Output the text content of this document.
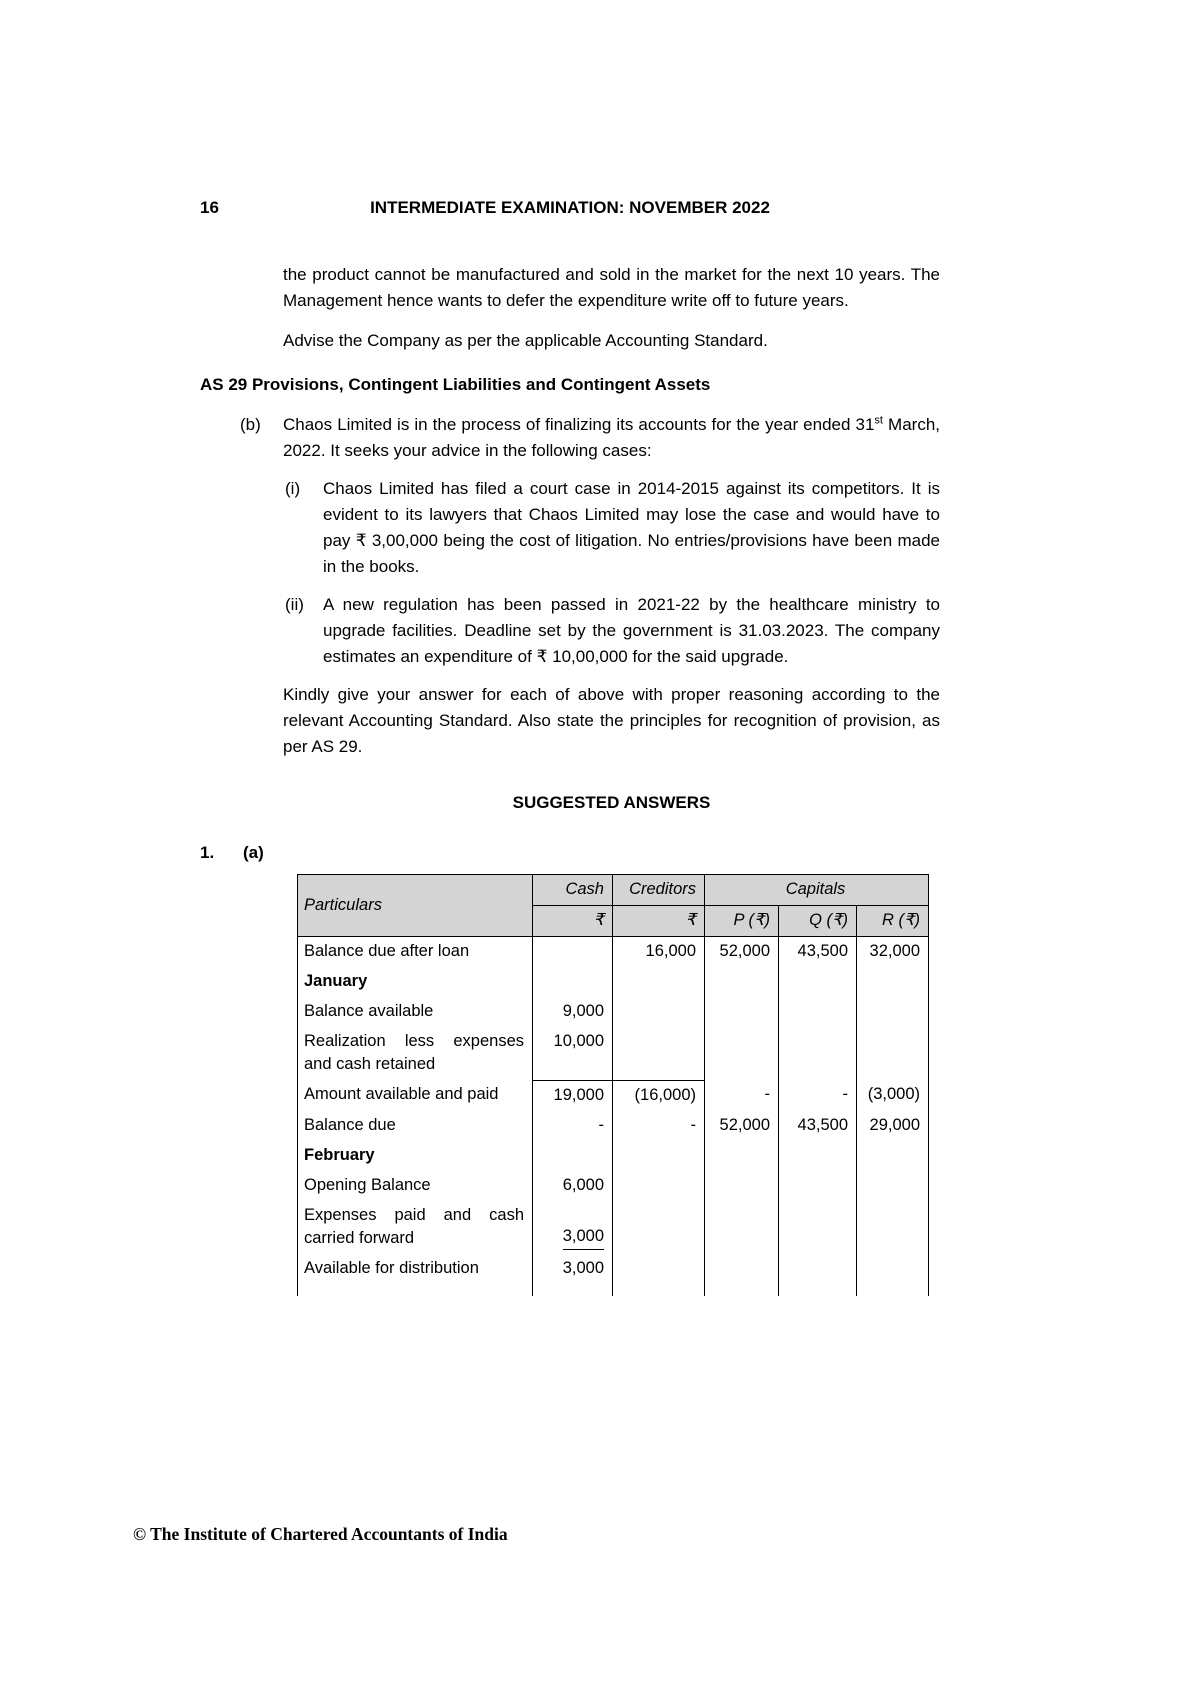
16	INTERMEDIATE EXAMINATION: NOVEMBER 2022

the product cannot be manufactured and sold in the market for the next 10 years. The Management hence wants to defer the expenditure write off to future years.

Advise the Company as per the applicable Accounting Standard.

AS 29 Provisions, Contingent Liabilities and Contingent Assets
(b)	Chaos Limited is in the process of finalizing its accounts for the year ended 31st March, 2022. It seeks your advice in the following cases:

(i)	Chaos Limited has filed a court case in 2014-2015 against its competitors. It is evident to its lawyers that Chaos Limited may lose the case and would have to pay ₹ 3,00,000 being the cost of litigation. No entries/provisions have been made in the books.

(ii)	A new regulation has been passed in 2021-22 by the healthcare ministry to upgrade facilities. Deadline set by the government is 31.03.2023. The company estimates an expenditure of ₹ 10,00,000 for the said upgrade.

Kindly give your answer for each of above with proper reasoning according to the relevant Accounting Standard. Also state the principles for recognition of provision, as per AS 29.

SUGGESTED ANSWERS
1. (a)
Particulars	Cash	Creditors	Capitals		
	₹	₹	P (₹)	Q (₹)	R (₹)
Balance due after loan		16,000	52,000	43,500	32,000
January					
Balance available	9,000				
Realization less expenses and cash retained	10,000				
Amount available and paid	19,000	(16,000)	-	-	(3,000)
Balance due	-	-	52,000	43,500	29,000
February					
Opening Balance	6,000				
Expenses paid and cash carried forward	3,000				
Available for distribution	3,000				
© The Institute of Chartered Accountants of India
